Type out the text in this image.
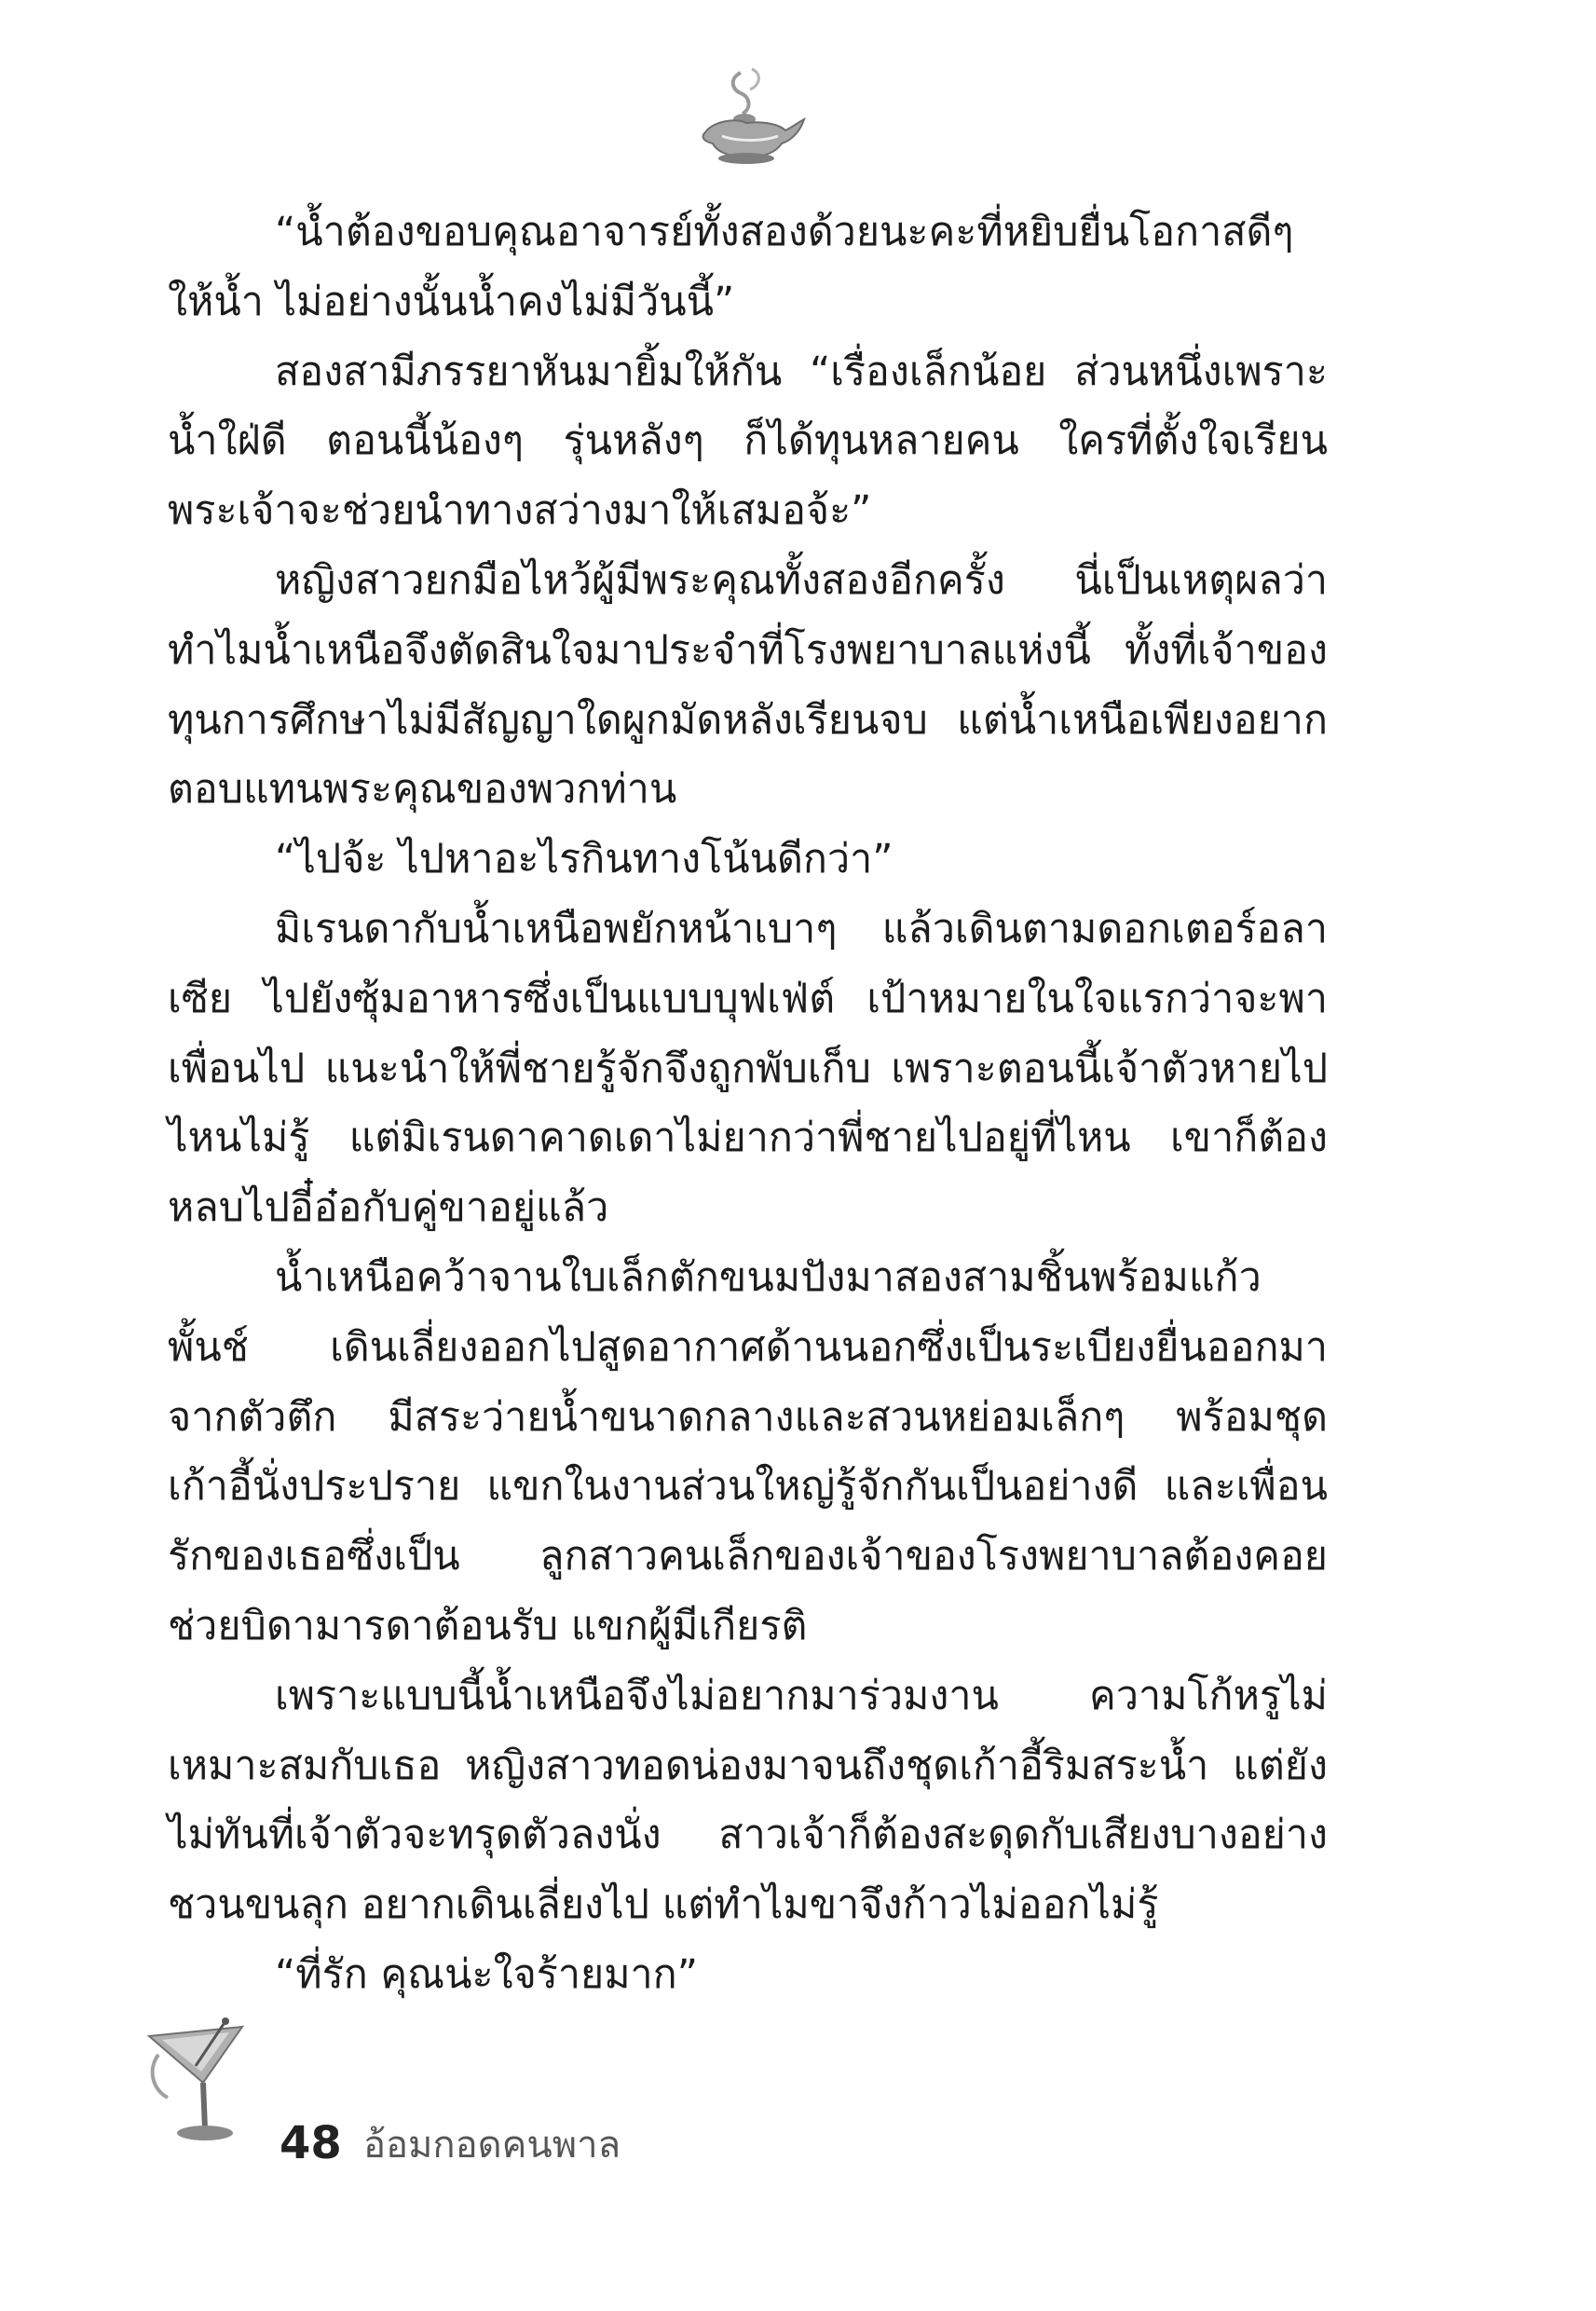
“น้ำต้องขอบคุณอาจารย์ทั้งสองด้วยนะคะที่หยิบยื่นโอกาสดีๆ ให้น้ำ ไม่อย่างนั้นน้ำคงไม่มีวันนี้”

สองสามีภรรยาหันมายิ้มให้กัน “เรื่องเล็กน้อย ส่วนหนึ่งเพราะน้ำใฝ่ดี ตอนนี้น้องๆ รุ่นหลังๆ ก็ได้ทุนหลายคน ใครที่ตั้งใจเรียน พระเจ้าจะช่วยนำทางสว่างมาให้เสมอจ้ะ”

หญิงสาวยกมือไหว้ผู้มีพระคุณทั้งสองอีกครั้ง นี่เป็นเหตุผลว่าทำไมน้ำเหนือจึงตัดสินใจมาประจำที่โรงพยาบาลแห่งนี้ ทั้งที่เจ้าของทุนการศึกษาไม่มีสัญญาใดผูกมัดหลังเรียนจบ แต่น้ำเหนือเพียงอยากตอบแทนพระคุณของพวกท่าน

“ไปจ้ะ ไปหาอะไรกินทางโน้นดีกว่า”

มิเรนดากับน้ำเหนือพยักหน้าเบาๆ แล้วเดินตามดอกเตอร์อลาเซีย ไปยังซุ้มอาหารซึ่งเป็นแบบบุฟเฟ่ต์ เป้าหมายในใจแรกว่าจะพาเพื่อนไป แนะนำให้พี่ชายรู้จักจึงถูกพับเก็บ เพราะตอนนี้เจ้าตัวหายไปไหนไม่รู้ แต่มิเรนดาคาดเดาไม่ยากว่าพี่ชายไปอยู่ที่ไหน เขาก็ต้องหลบไปอี๋อ๋อกับคู่ขาอยู่แล้ว

น้ำเหนือคว้าจานใบเล็กตักขนมปังมาสองสามชิ้นพร้อมแก้วพั้นช์ เดินเลี่ยงออกไปสูดอากาศด้านนอกซึ่งเป็นระเบียงยื่นออกมาจากตัวตึก มีสระว่ายน้ำขนาดกลางและสวนหย่อมเล็กๆ พร้อมชุดเก้าอี้นั่งประปราย แขกในงานส่วนใหญ่รู้จักกันเป็นอย่างดี และเพื่อนรักของเธอซึ่งเป็น ลูกสาวคนเล็กของเจ้าของโรงพยาบาลต้องคอยช่วยบิดามารดาต้อนรับ แขกผู้มีเกียรติ

เพราะแบบนี้น้ำเหนือจึงไม่อยากมาร่วมงาน ความโก้หรูไม่เหมาะสมกับเธอ หญิงสาวทอดน่องมาจนถึงชุดเก้าอี้ริมสระน้ำ แต่ยังไม่ทันที่เจ้าตัวจะทรุดตัวลงนั่ง สาวเจ้าก็ต้องสะดุดกับเสียงบางอย่าง ชวนขนลุก อยากเดินเลี่ยงไป แต่ทำไมขาจึงก้าวไม่ออกไม่รู้

“ที่รัก คุณน่ะใจร้ายมาก”

48 อ้อมกอดคนพาล
